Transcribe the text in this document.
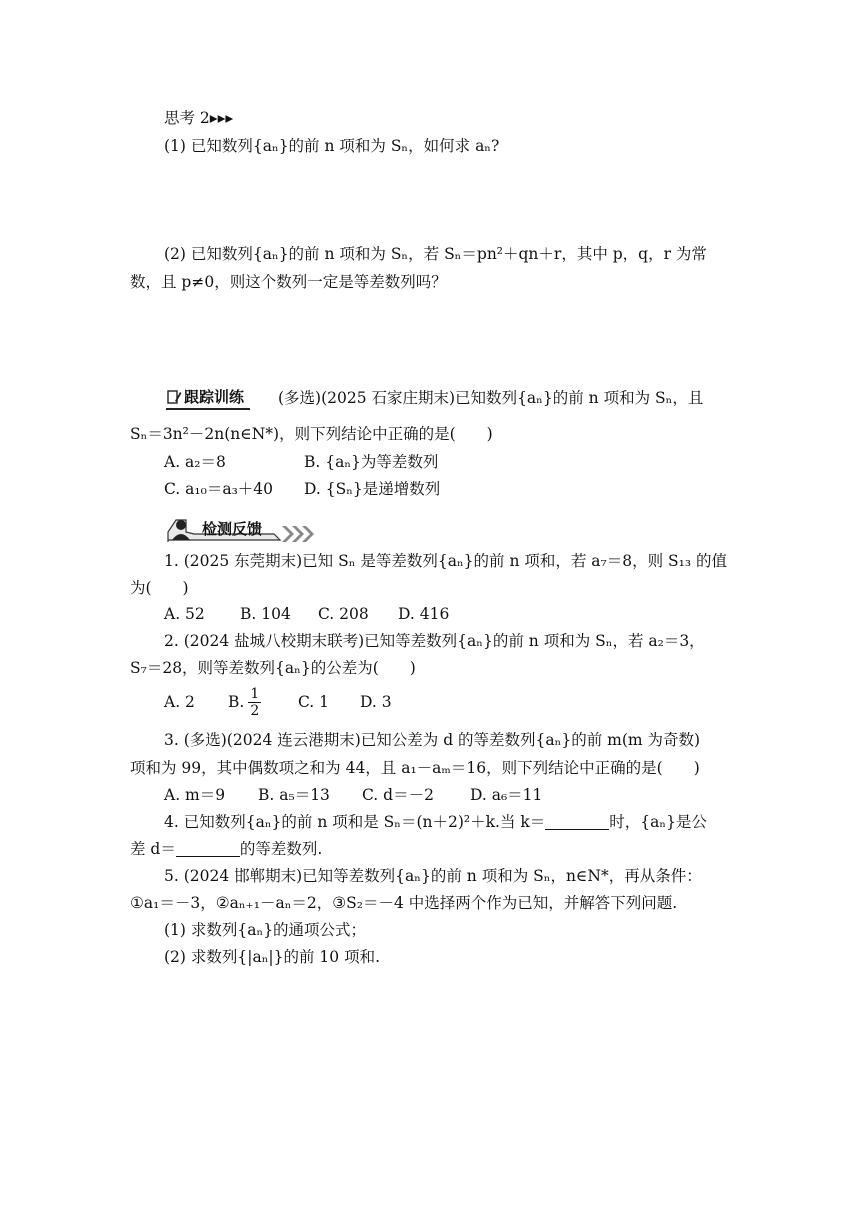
思考 2▸▸▸
(1) 已知数列{aₙ}的前 n 项和为 Sₙ，如何求 aₙ?
(2) 已知数列{aₙ}的前 n 项和为 Sₙ，若 Sₙ＝pn²＋qn＋r，其中 p，q，r 为常
数，且 p≠0，则这个数列一定是等差数列吗？
跟踪训练 (多选)(2025 石家庄期末)已知数列{aₙ}的前 n 项和为 Sₙ，且
Sₙ＝3n²－2n(n∈N*)，则下列结论中正确的是(　　)
A. a₂＝8	B. {aₙ}为等差数列
C. a₁₀＝a₃＋40 D. {Sₙ}是递增数列
检测反馈
1. (2025 东莞期末)已知 Sₙ 是等差数列{aₙ}的前 n 项和，若 a₇＝8，则 S₁₃ 的值
为(　　)
A. 52 B. 104 C. 208 D. 416
2. (2024 盐城八校期末联考)已知等差数列{aₙ}的前 n 项和为 Sₙ，若 a₂＝3，
S₇＝28，则等差数列{aₙ}的公差为(　　)
A. 2 B. $\frac{1}{2} C$. 1 D. 3
3. (多选)(2024 连云港期末)已知公差为 d 的等差数列{aₙ}的前 m(m 为奇数)
项和为 99，其中偶数项之和为 44，且 a₁－aₘ＝16，则下列结论中正确的是(　　)
A. m＝9 B. a₅＝13 C. d＝－2 D. a₆＝11
4. 已知数列{aₙ}的前 n 项和是 Sₙ＝(n＋2)²＋k.当 k＝	时，{aₙ}是公
差 d＝	的等差数列.
5. (2024 邯郸期末)已知等差数列{aₙ}的前 n 项和为 Sₙ，n∈N*，再从条件：
①a₁＝－3，②aₙ₊₁－aₙ＝2，③S₂＝－4 中选择两个作为已知，并解答下列问题.
(1) 求数列{aₙ}的通项公式；
(2) 求数列{|aₙ|}的前 10 项和.
